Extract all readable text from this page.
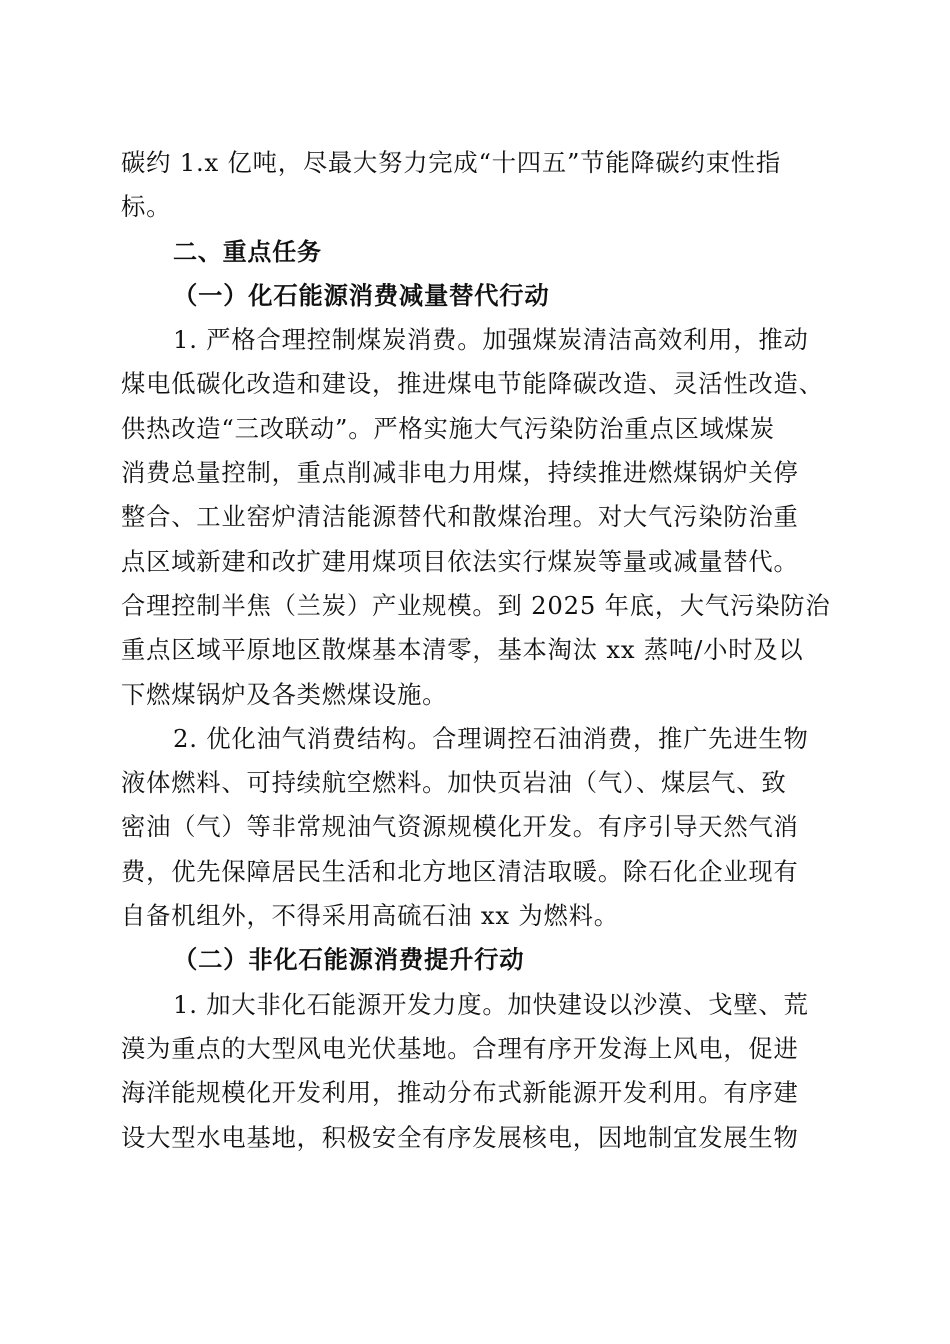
碳约 1.x 亿吨，尽最大努力完成“十四五”节能降碳约束性指
标。
二、重点任务
（一）化石能源消费减量替代行动
1. 严格合理控制煤炭消费。加强煤炭清洁高效利用，推动
煤电低碳化改造和建设，推进煤电节能降碳改造、灵活性改造、
供热改造“三改联动”。严格实施大气污染防治重点区域煤炭
消费总量控制，重点削减非电力用煤，持续推进燃煤锅炉关停
整合、工业窑炉清洁能源替代和散煤治理。对大气污染防治重
点区域新建和改扩建用煤项目依法实行煤炭等量或减量替代。
合理控制半焦（兰炭）产业规模。到 2025 年底，大气污染防治
重点区域平原地区散煤基本清零，基本淘汰 xx 蒸吨/小时及以
下燃煤锅炉及各类燃煤设施。
2. 优化油气消费结构。合理调控石油消费，推广先进生物
液体燃料、可持续航空燃料。加快页岩油（气）、煤层气、致
密油（气）等非常规油气资源规模化开发。有序引导天然气消
费，优先保障居民生活和北方地区清洁取暖。除石化企业现有
自备机组外，不得采用高硫石油 xx 为燃料。
（二）非化石能源消费提升行动
1. 加大非化石能源开发力度。加快建设以沙漠、戈壁、荒
漠为重点的大型风电光伏基地。合理有序开发海上风电，促进
海洋能规模化开发利用，推动分布式新能源开发利用。有序建
设大型水电基地，积极安全有序发展核电，因地制宜发展生物
